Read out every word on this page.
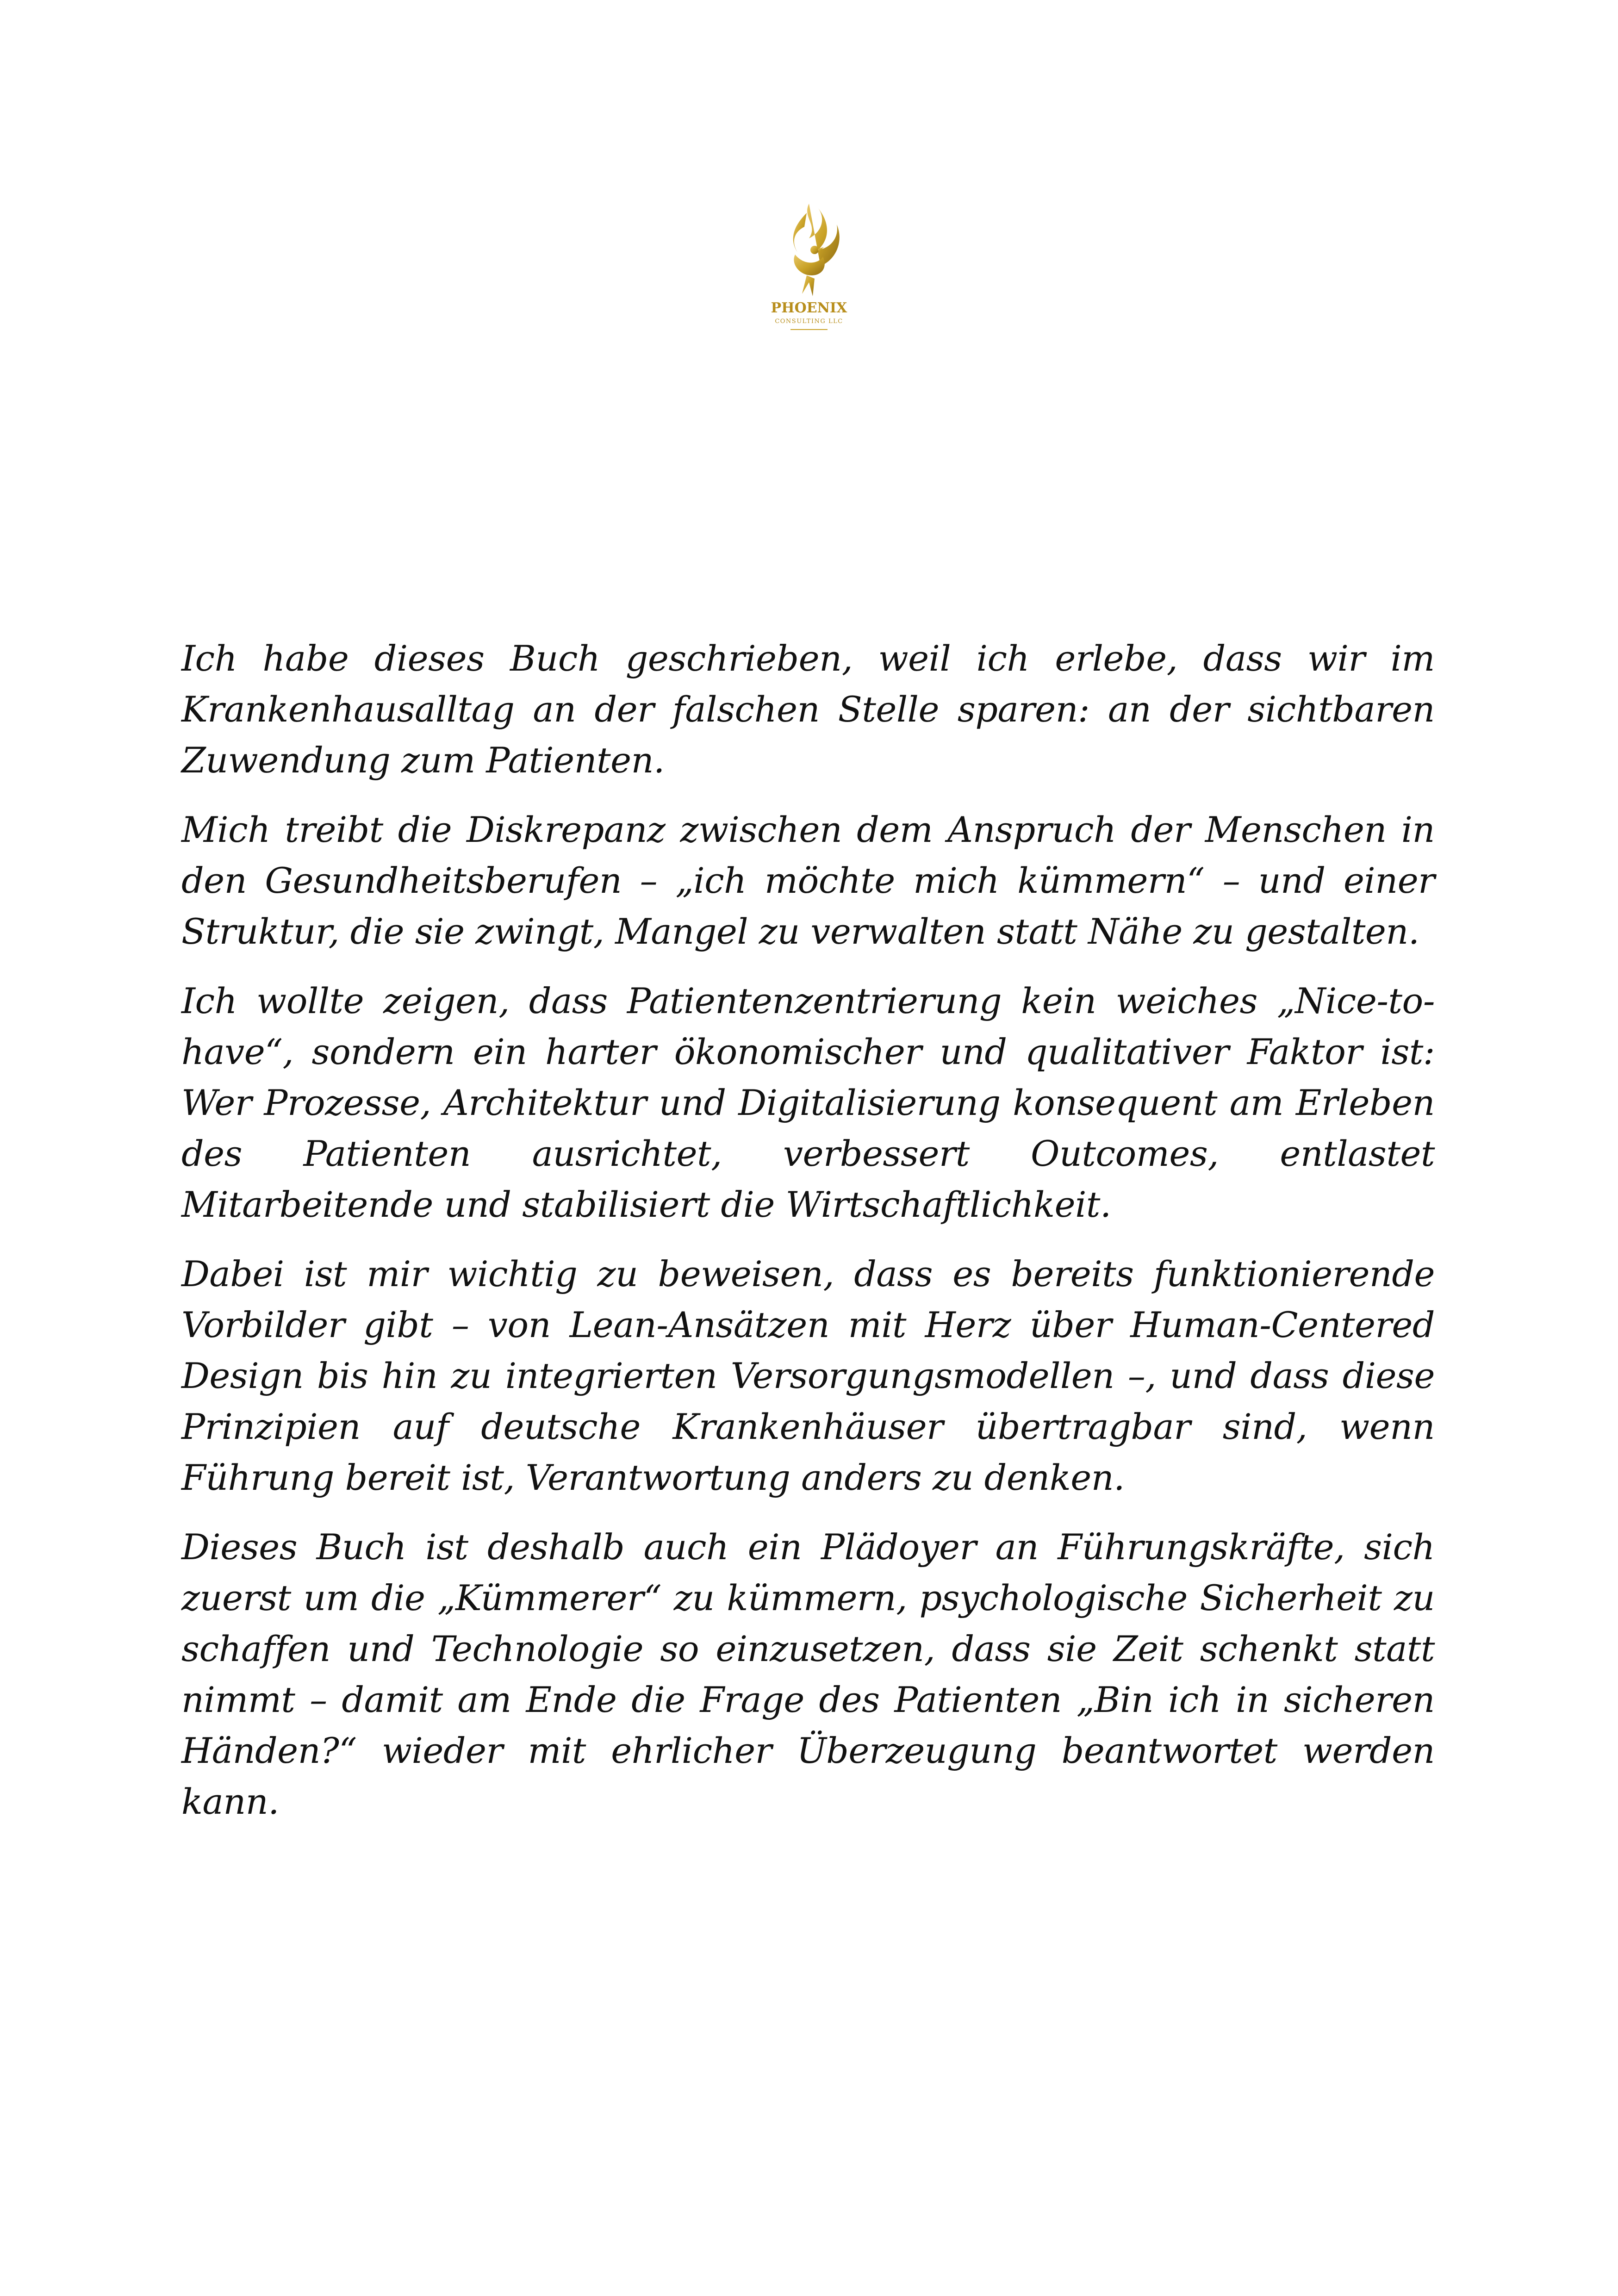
PHOENIX
CONSULTING LLC

Ich habe dieses Buch geschrieben, weil ich erlebe, dass wir im Krankenhausalltag an der falschen Stelle sparen: an der sichtbaren Zuwendung zum Patienten.

Mich treibt die Diskrepanz zwischen dem Anspruch der Menschen in den Gesundheitsberufen – „ich möchte mich kümmern“ – und einer Struktur, die sie zwingt, Mangel zu verwalten statt Nähe zu gestalten.

Ich wollte zeigen, dass Patientenzentrierung kein weiches „Nice-to-have“, sondern ein harter ökonomischer und qualitativer Faktor ist: Wer Prozesse, Architektur und Digitalisierung konsequent am Erleben des Patienten ausrichtet, verbessert Outcomes, entlastet Mitarbeitende und stabilisiert die Wirtschaftlichkeit.

Dabei ist mir wichtig zu beweisen, dass es bereits funktionierende Vorbilder gibt – von Lean-Ansätzen mit Herz über Human-Centered Design bis hin zu integrierten Versorgungsmodellen –, und dass diese Prinzipien auf deutsche Krankenhäuser übertragbar sind, wenn Führung bereit ist, Verantwortung anders zu denken.

Dieses Buch ist deshalb auch ein Plädoyer an Führungskräfte, sich zuerst um die „Kümmerer“ zu kümmern, psychologische Sicherheit zu schaffen und Technologie so einzusetzen, dass sie Zeit schenkt statt nimmt – damit am Ende die Frage des Patienten „Bin ich in sicheren Händen?“ wieder mit ehrlicher Überzeugung beantwortet werden kann.
